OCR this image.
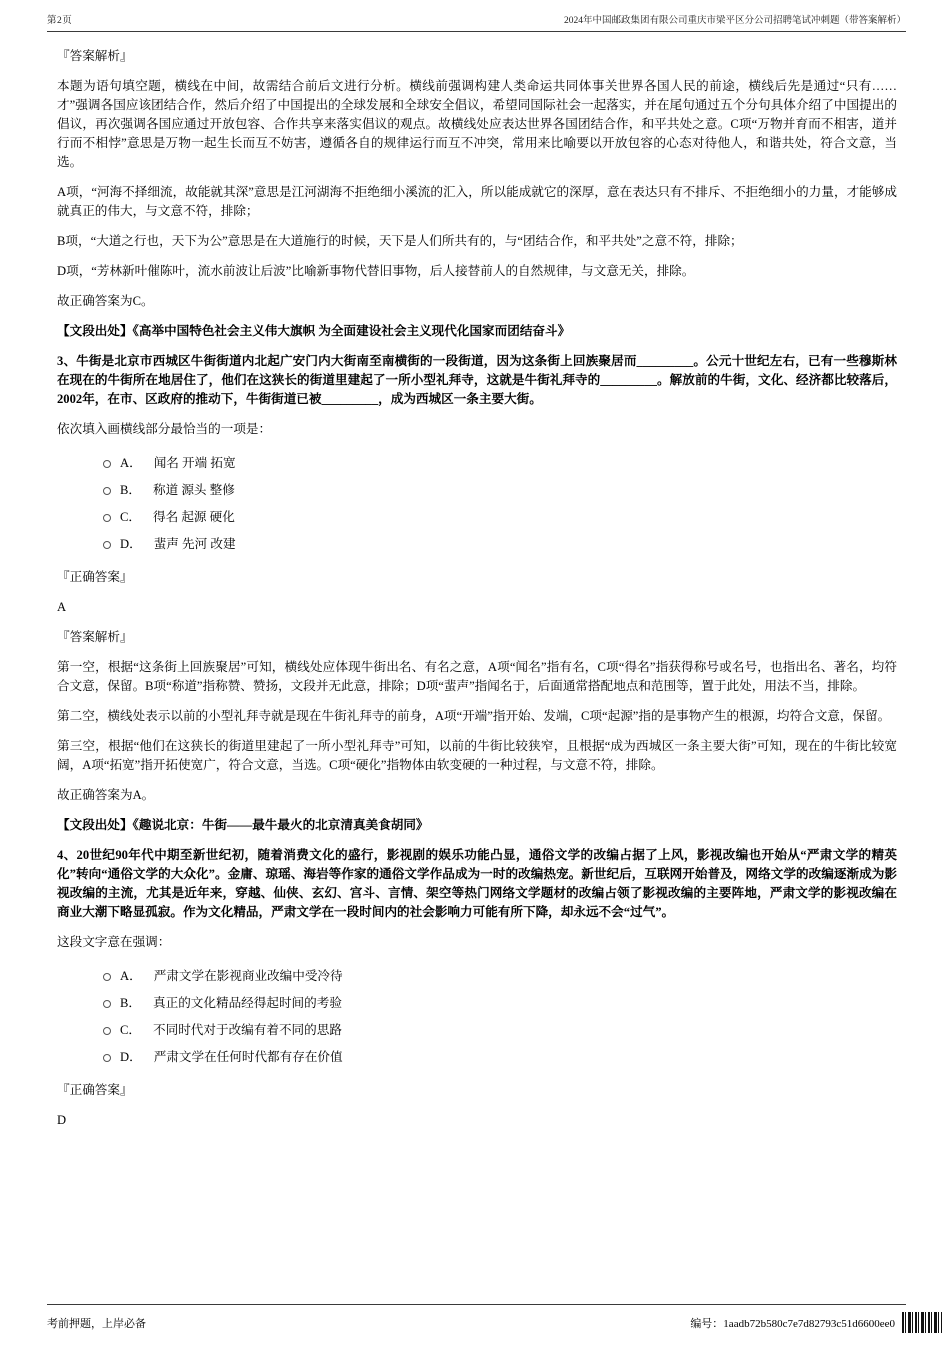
第2页	2024年中国邮政集团有限公司重庆市梁平区分公司招聘笔试冲刺题（带答案解析）

『答案解析』

本题为语句填空题，横线在中间，故需结合前后文进行分析。横线前强调构建人类命运共同体事关世界各国人民的前途，横线后先是通过“只有……才”强调各国应该团结合作，然后介绍了中国提出的全球发展和全球安全倡议，希望同国际社会一起落实，并在尾句通过五个分句具体介绍了中国提出的倡议，再次强调各国应通过开放包容、合作共享来落实倡议的观点。故横线处应表达世界各国团结合作，和平共处之意。C项“万物并育而不相害，道并行而不相悖”意思是万物一起生长而互不妨害，遵循各自的规律运行而互不冲突，常用来比喻要以开放包容的心态对待他人，和谐共处，符合文意，当选。

A项，“河海不择细流，故能就其深”意思是江河湖海不拒绝细小溪流的汇入，所以能成就它的深厚，意在表达只有不排斥、不拒绝细小的力量，才能够成就真正的伟大，与文意不符，排除；

B项，“大道之行也，天下为公”意思是在大道施行的时候，天下是人们所共有的，与“团结合作，和平共处”之意不符，排除；

D项，“芳林新叶催陈叶，流水前波让后波”比喻新事物代替旧事物，后人接替前人的自然规律，与文意无关，排除。

故正确答案为C。

【文段出处】《高举中国特色社会主义伟大旗帜 为全面建设社会主义现代化国家而团结奋斗》

3、牛街是北京市西城区牛街街道内北起广安门内大街南至南横街的一段街道，因为这条街上回族聚居而_________。公元十世纪左右，已有一些穆斯林在现在的牛街所在地居住了，他们在这狭长的街道里建起了一所小型礼拜寺，这就是牛街礼拜寺的_________。解放前的牛街，文化、经济都比较落后，2002年，在市、区政府的推动下，牛街街道已被_________，成为西城区一条主要大街。

依次填入画横线部分最恰当的一项是：

A． 闻名 开端 拓宽
B． 称道 源头 整修
C． 得名 起源 硬化
D． 蜚声 先河 改建

『正确答案』

A

『答案解析』

第一空，根据“这条街上回族聚居”可知，横线处应体现牛街出名、有名之意，A项“闻名”指有名，C项“得名”指获得称号或名号，也指出名、著名，均符合文意，保留。B项“称道”指称赞、赞扬，文段并无此意，排除；D项“蜚声”指闻名于，后面通常搭配地点和范围等，置于此处，用法不当，排除。

第二空，横线处表示以前的小型礼拜寺就是现在牛街礼拜寺的前身，A项“开端”指开始、发端，C项“起源”指的是事物产生的根源，均符合文意，保留。

第三空，根据“他们在这狭长的街道里建起了一所小型礼拜寺”可知，以前的牛街比较狭窄，且根据“成为西城区一条主要大街”可知，现在的牛街比较宽阔，A项“拓宽”指开拓使宽广，符合文意，当选。C项“硬化”指物体由软变硬的一种过程，与文意不符，排除。

故正确答案为A。

【文段出处】《趣说北京：牛街——最牛最火的北京清真美食胡同》

4、20世纪90年代中期至新世纪初，随着消费文化的盛行，影视剧的娱乐功能凸显，通俗文学的改编占据了上风，影视改编也开始从“严肃文学的精英化”转向“通俗文学的大众化”。金庸、琼瑶、海岩等作家的通俗文学作品成为一时的改编热宠。新世纪后，互联网开始普及，网络文学的改编逐渐成为影视改编的主流，尤其是近年来，穿越、仙侠、玄幻、宫斗、言情、架空等热门网络文学题材的改编占领了影视改编的主要阵地，严肃文学的影视改编在商业大潮下略显孤寂。作为文化精品，严肃文学在一段时间内的社会影响力可能有所下降，却永远不会“过气”。

这段文字意在强调：

A． 严肃文学在影视商业改编中受冷待
B． 真正的文化精品经得起时间的考验
C． 不同时代对于改编有着不同的思路
D． 严肃文学在任何时代都有存在价值

『正确答案』

D

考前押题，上岸必备	编号：1aadb72b580c7e7d82793c51d6600ee0
